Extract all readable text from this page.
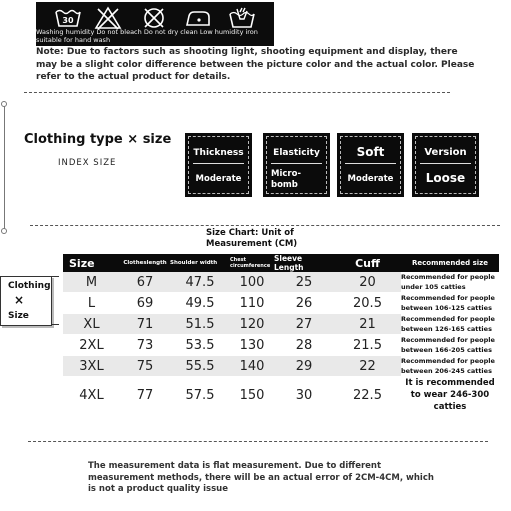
30
Washing humidity Do not bleach Do not dry clean Low humidity iron suitable for hand wash
Note: Due to factors such as shooting light, shooting equipment and display, there may be a slight color difference between the picture color and the actual color. Please refer to the actual product for details.
Clothing type × size
INDEX SIZE
Thickness
Moderate
Elasticity
Micro-bomb
Soft
Moderate
Version
Loose
Size Chart: Unit of Measurement (CM)
Clothing
×
Size
Size	Clotheslength	Shoulder width	Chest circumference	Sleeve Length	Cuff	Recommended size
M	67	47.5	100	25	20	Recommended for people under 105 catties
L	69	49.5	110	26	20.5	Recommended for people between 106-125 catties
XL	71	51.5	120	27	21	Recommended for people between 126-165 catties
2XL	73	53.5	130	28	21.5	Recommended for people between 166-205 catties
3XL	75	55.5	140	29	22	Recommended for people between 206-245 catties
4XL	77	57.5	150	30	22.5	It is recommended to wear 246-300 catties
The measurement data is flat measurement. Due to different measurement methods, there will be an actual error of 2CM-4CM, which is not a product quality issue
